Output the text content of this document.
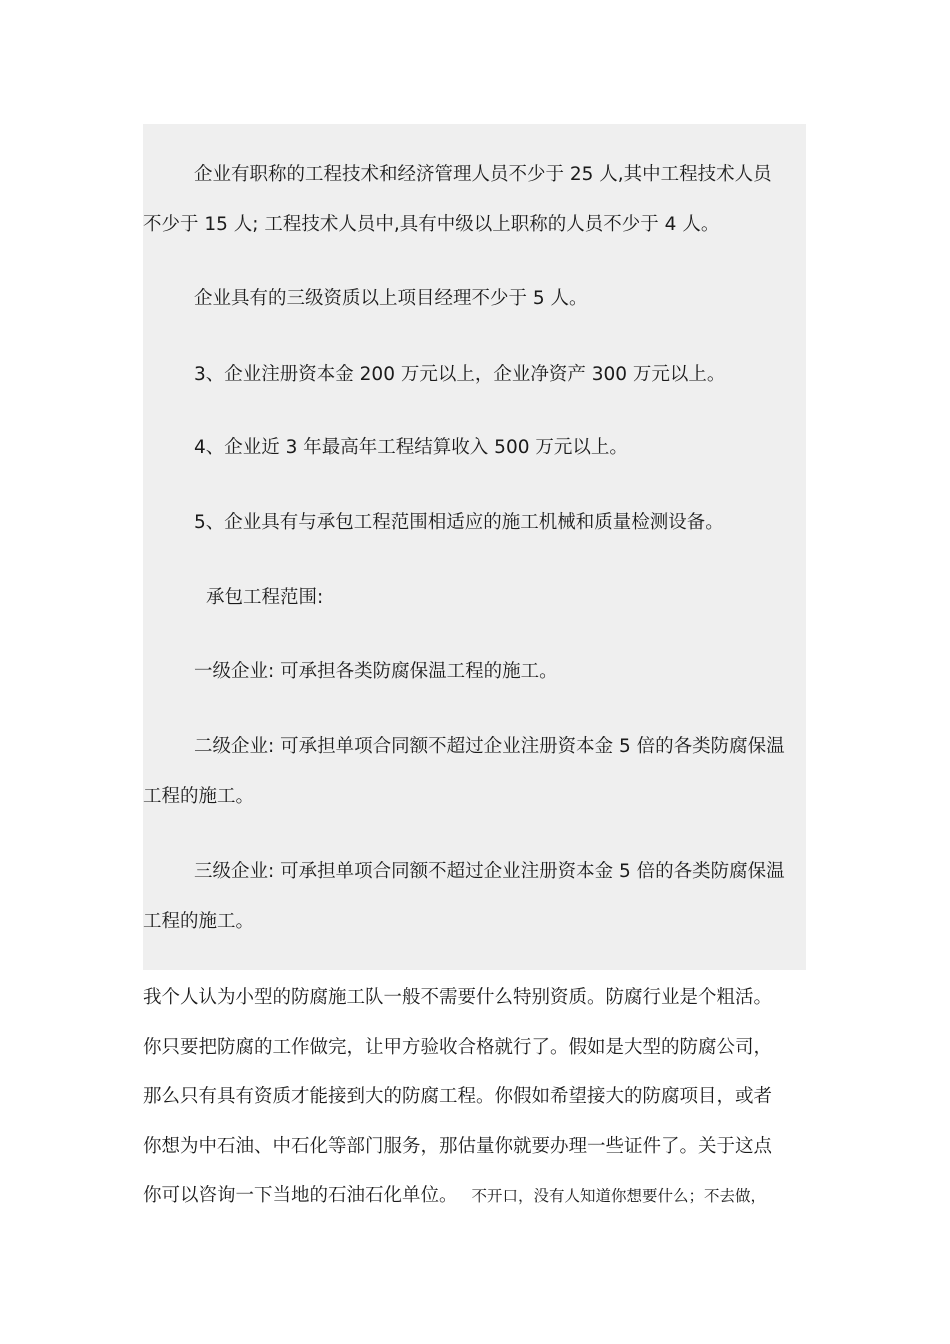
企业有职称的工程技术和经济管理人员不少于 25 人,其中工程技术人员

不少于 15 人; 工程技术人员中,具有中级以上职称的人员不少于 4 人。

企业具有的三级资质以上项目经理不少于 5 人。

3、企业注册资本金 200 万元以上，企业净资产 300 万元以上。

4、企业近 3 年最高年工程结算收入 500 万元以上。

5、企业具有与承包工程范围相适应的施工机械和质量检测设备。

承包工程范围:

一级企业: 可承担各类防腐保温工程的施工。

二级企业: 可承担单项合同额不超过企业注册资本金 5 倍的各类防腐保温

工程的施工。

三级企业: 可承担单项合同额不超过企业注册资本金 5 倍的各类防腐保温

工程的施工。

我个人认为小型的防腐施工队一般不需要什么特别资质。防腐行业是个粗活。
你只要把防腐的工作做完，让甲方验收合格就行了。假如是大型的防腐公司，
那么只有具有资质才能接到大的防腐工程。你假如希望接大的防腐项目，或者
你想为中石油、中石化等部门服务，那估量你就要办理一些证件了。关于这点
你可以咨询一下当地的石油石化单位。 不开口，没有人知道你想要什么；不去做，
